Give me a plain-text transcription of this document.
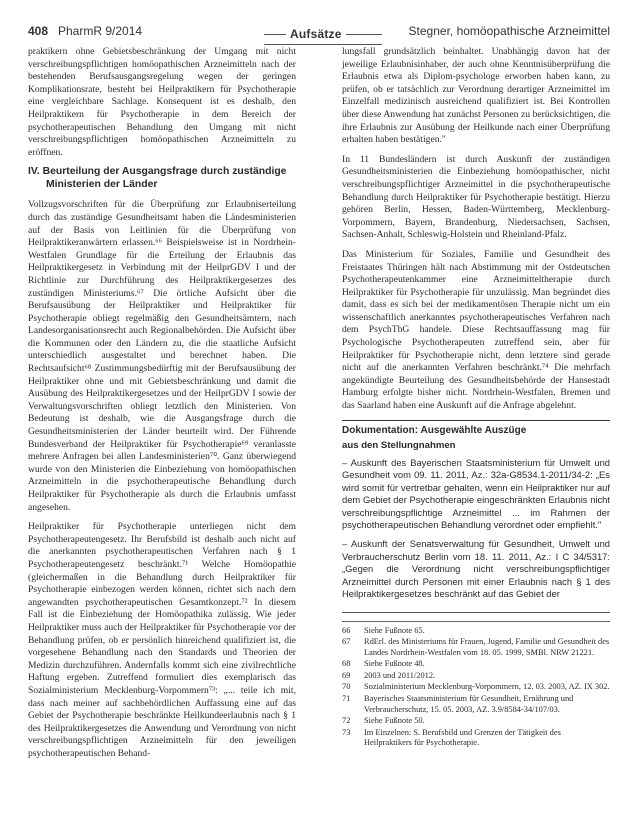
408 PharmR 9/2014	Aufsätze	Stegner, homöopathische Arzneimittel

praktikern ohne Gebietsbeschränkung der Umgang mit nicht verschreibungspflichtigen homöopathischen Arzneimitteln nach der bestehenden Berufsausgangsregelung wegen der geringen Komplikationsrate, besteht bei Heilpraktikern für Psychotherapie eine vergleichbare Sachlage. Konsequent ist es deshalb, den Heilpraktikern für Psychotherapie in dem Bereich der psychotherapeutischen Behandlung den Umgang mit nicht verschreibungspflichtigen homöopathischen Arzneimitteln zu eröffnen.

IV. Beurteilung der Ausgangsfrage durch zuständige Ministerien der Länder

Vollzugsvorschriften für die Überprüfung zur Erlaubniserteilung durch das zuständige Gesundheitsamt haben die Ländesministerien auf der Basis von Leitlinien für die Überprüfung von Heilpraktikeranwärtern erlassen.⁶⁶ Beispielsweise ist in Nordrhein-Westfalen Grundlage für die Erteilung der Erlaubnis das Heilpraktikergesetz in Verbindung mit der HeilprGDV I und der Richtlinie zur Durchführung des Heilpraktikergesetzes des zuständigen Ministeriums.⁶⁷ Die örtliche Aufsicht über die Berufsausübung der Heilpraktiker und Heilpraktiker für Psychotherapie obliegt regelmäßig den Gesundheitsämtern, nach Landesorganisationsrecht auch Regionalbehörden. Die Aufsicht über die Kommunen oder den Ländern zu, die die staatliche Aufsicht unterschiedlich ausgestaltet und berechnet haben. Die Rechtsaufsicht⁶⁸ Zustimmungsbedürftig mit der Berufsausübung der Heilpraktiker ohne und mit Gebietsbeschränkung und damit die Ausübung des Heilpraktikergesetzes und der HeilprGDV I sowie der Verwaltungsvorschriften obliegt letztlich den Ministerien. Von Bedeutung ist deshalb, wie die Ausgangsfrage durch die Gesundheitsministerien der Länder beurteilt wird. Der Führende Bundesverband der Heilpraktiker für Psychotherapie⁶⁹ veranlasste mehrere Anfragen bei allen Landesministerien⁷⁰. Ganz überwiegend wurde von den Ministerien die Einbeziehung von homöopathischen Arzneimitteln in die psychotherapeutische Behandlung durch Heilpraktiker für Psychotherapie als durch die Erlaubnis umfasst angesehen.

Heilpraktiker für Psychotherapie unterliegen nicht dem Psychotherapeutengesetz. Ihr Berufsbild ist deshalb auch nicht auf die anerkannten psychotherapeutischen Verfahren nach § 1 Psychotherapeutengesetz beschränkt.⁷¹ Welche Homöopathie (gleichermaßen in die Behandlung durch Heilpraktiker für Psychotherapie einbezogen werden können, richtet sich nach dem angewandten psychotherapeutischen Gesamtkonzept.⁷² In diesem Fall ist die Einbeziehung der Homöopathika zulässig. Wie jeder Heilpraktiker muss auch der Heilpraktiker für Psychotherapie vor der Behandlung prüfen, ob er persönlich hinreichend qualifiziert ist, die vorgesehene Behandlung nach den Standards und Theorien der Medizin durchzuführen. Andernfalls kommt sich eine zivilrechtliche Haftung ergeben. Zutreffend formuliert dies exemplarisch das Sozialministerium Mecklenburg-Vorpommern⁷³: „... teile ich mit, dass nach meiner auf sachbehördlichen Auffassung eine auf das Gebiet der Psychotherapie beschränkte Heilkundeerlaubnis nach § 1 des Heilpraktikergesetzes die Anwendung und Verordnung von nicht verschreibungspflichtigen Arzneimitteln für den jeweiligen psychotherapeutischen Behand-

lungsfall grundsätzlich beinhaltet. Unabhängig davon hat der jeweilige Erlaubnisinhaber, der auch ohne Kenntnisüberprüfung die Erlaubnis etwa als Diplom-psychologe erworben haben kann, zu prüfen, ob er tatsächlich zur Verordnung derartiger Arzneimittel im Einzelfall medizinisch ausreichend qualifiziert ist. Bei Kontrollen über diese Anwendung hat zunächst Personen zu berücksichtigen, die ihre Erlaubnis zur Ausübung der Heilkunde nach einer Überprüfung erhalten haben bestätigen."

In 11 Bundesländern ist durch Auskunft der zuständigen Gesundheitsministerien die Einbeziehung homöopathischer, nicht verschreibungspflichtiger Arzneimittel in die psychotherapeutische Behandlung durch Heilpraktiker für Psychotherapie bestätigt. Hierzu gehören Berlin, Hessen, Baden-Württemberg, Mecklenburg-Vorpommern, Bayern, Brandenburg, Niedersachsen, Sachsen, Sachsen-Anhalt, Schleswig-Holstein und Rheinland-Pfalz.

Das Ministerium für Soziales, Familie und Gesundheit des Freistaates Thüringen hält nach Abstimmung mit der Ostdeutschen Psychotherapeutenkammer eine Arzneimitteltherapie durch Heilpraktiker für Psychotherapie für unzulässig. Man begründet dies damit, dass es sich bei der medikamentösen Therapie nicht um ein wissenschaftlich anerkanntes psychotherapeutisches Verfahren nach dem PsychThG handele. Diese Rechtsauffassung mag für Psychologische Psychotherapeuten zutreffend sein, aber für Heilpraktiker für Psychotherapie nicht, denn letztere sind gerade nicht auf die anerkannten Verfahren beschränkt.⁷⁴ Die mehrfach angekündigte Beurteilung des Gesundheitsbehörde der Hansestadt Hamburg erfolgte bisher nicht. Nordrhein-Westfalen, Bremen und das Saarland haben eine Auskunft auf die Anfrage abgelehnt.

Dokumentation: Ausgewählte Auszüge
aus den Stellungnahmen

– Auskunft des Bayerischen Staatsministerium für Umwelt und Gesundheit vom 09. 11. 2011, Az.: 32a-G8534.1-2011/34-2: „Es wird somit für vertretbar gehalten, wenn ein Heilpraktiker nur auf dem Gebiet der Psychotherapie eingeschränkten Erlaubnis nicht verschreibungspflichtige Arzneimittel ... im Rahmen der psychotherapeutischen Behandlung verordnet oder empfiehlt."

– Auskunft der Senatsverwaltung für Gesundheit, Umwelt und Verbraucherschutz Berlin vom 18. 11. 2011, Az.: I C 34/5317: „Gegen die Verordnung nicht verschreibungspflichtiger Arzneimittel durch Personen mit einer Erlaubnis nach § 1 des Heilpraktikergesetzes beschränkt auf das Gebiet der

66	Siehe Fußnote 65.
67	RdErl. des Ministeriums für Frauen, Jugend, Familie und Gesundheit des Landes Nordrhein-Westfalen vom 18. 05. 1999, SMBl. NRW 21221.
68	Siehe Fußnote 48.
69	2003 und 2011/2012.
70	Sozialministerium Mecklenburg-Vorpommern, 12. 03. 2003, AZ. IX 302.
71	Bayerisches Staatsministerium für Gesundheit, Ernährung und Verbraucherschutz, 15. 05. 2003, AZ. 3.9/8584-34/107/03.
72	Siehe Fußnote 50.
73	Im Einzelnen: S. Berufsbild und Grenzen der Tätigkeit des Heilpraktikers für Psychotherapie.
